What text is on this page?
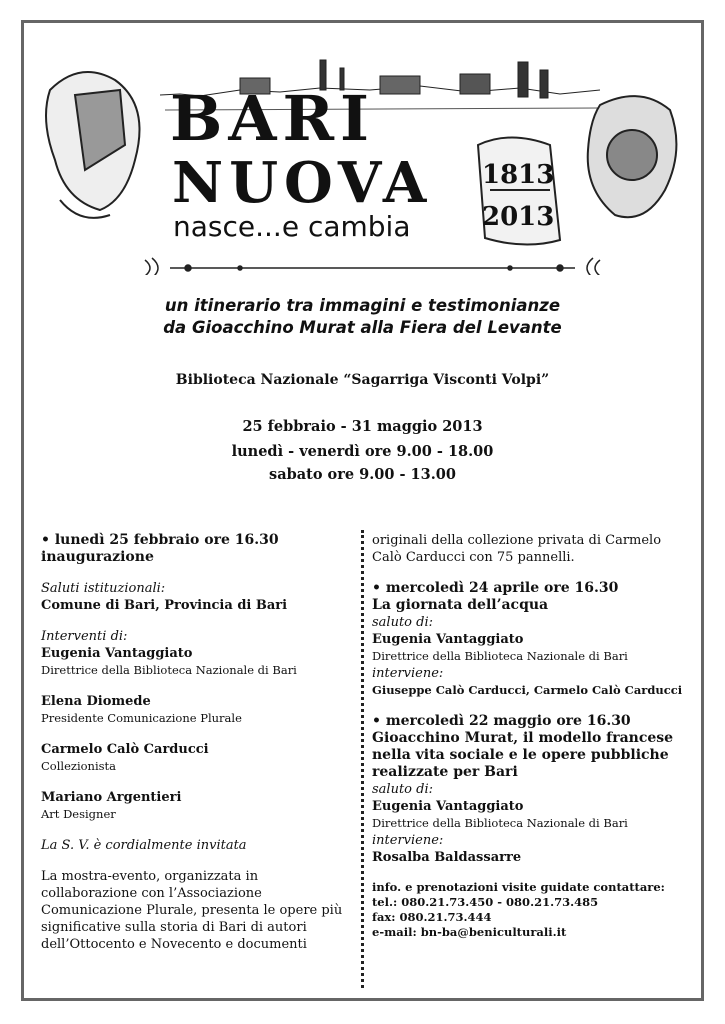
BARI
NUOVA
nasce...e cambia
1813
2013
un itinerario tra immagini e testimonianze
da Gioacchino Murat alla Fiera del Levante
Biblioteca Nazionale “Sagarriga Visconti Volpi”
25 febbraio - 31 maggio 2013
lunedì - venerdì ore 9.00 - 18.00
sabato ore 9.00 - 13.00
• lunedì 25 febbraio ore 16.30
inaugurazione
Saluti istituzionali:
Comune di Bari, Provincia di Bari
Interventi di:
Eugenia Vantaggiato
Direttrice della Biblioteca Nazionale di Bari
Elena Diomede
Presidente Comunicazione Plurale
Carmelo Calò Carducci
Collezionista
Mariano Argentieri
Art Designer
La S. V. è cordialmente invitata
La mostra-evento, organizzata in collaborazione con l’Associazione Comunicazione Plurale, presenta le opere più significative sulla storia di Bari di autori dell’Ottocento e Novecento e documenti
originali della collezione privata di Carmelo Calò Carducci con 75 pannelli.
• mercoledì 24 aprile ore 16.30
La giornata dell’acqua
saluto di:
Eugenia Vantaggiato
Direttrice della Biblioteca Nazionale di Bari
interviene:
Giuseppe Calò Carducci, Carmelo Calò Carducci
• mercoledì 22 maggio ore 16.30
Gioacchino Murat, il modello francese nella vita sociale e le opere pubbliche realizzate per Bari
saluto di:
Eugenia Vantaggiato
Direttrice della Biblioteca Nazionale di Bari
interviene:
Rosalba Baldassarre
info. e prenotazioni visite guidate contattare:
tel.: 080.21.73.450 - 080.21.73.485
fax: 080.21.73.444
e-mail: bn-ba@beniculturali.it
